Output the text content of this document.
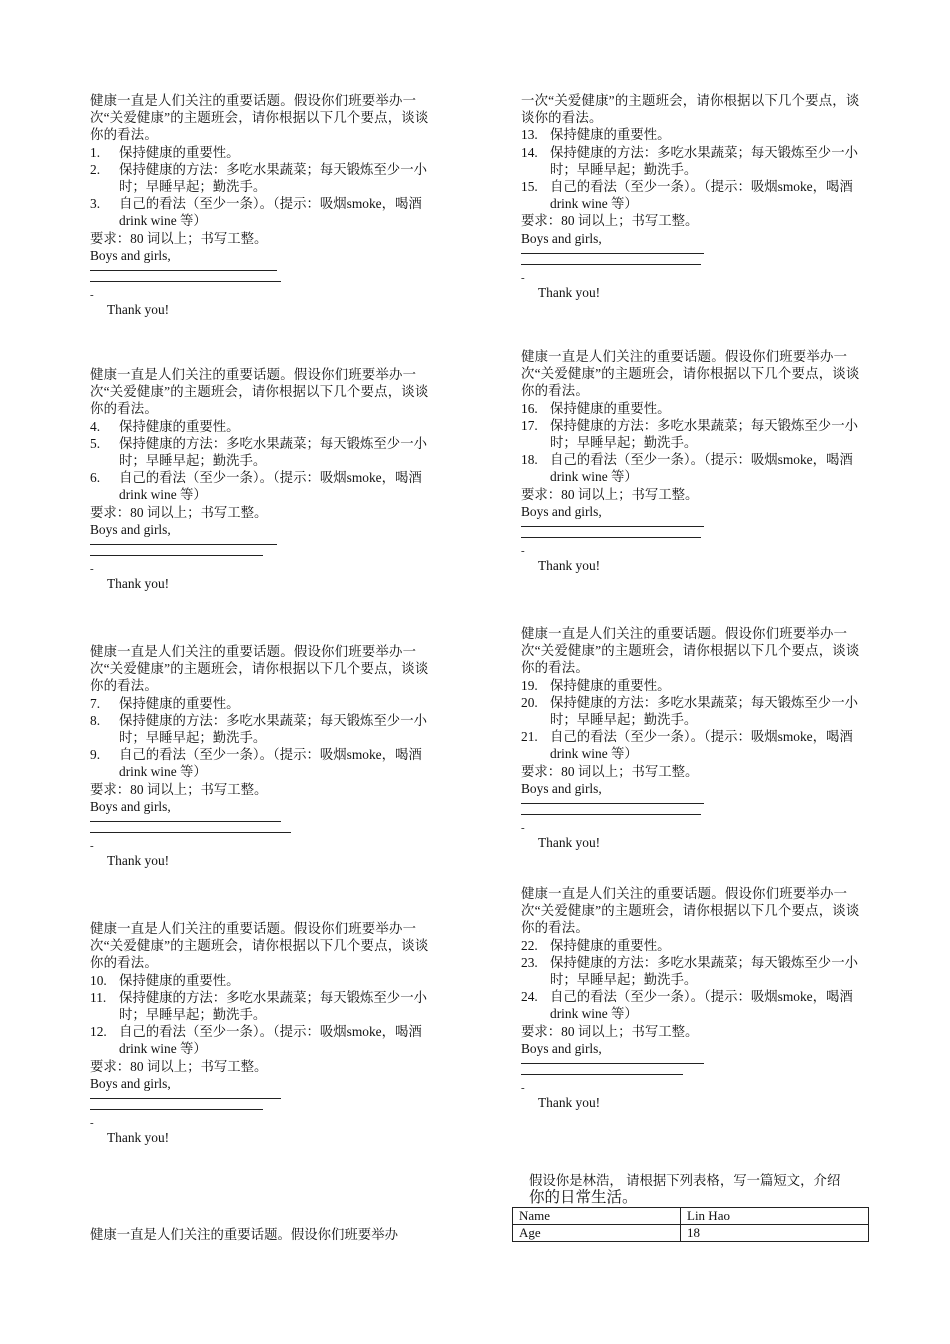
健康一直是人们关注的重要话题。假设你们班要举办一次“关爱健康”的主题班会，请你根据以下几个要点，谈谈你的看法。
1. 保持健康的重要性。
2. 保持健康的方法：多吃水果蔬菜；每天锻炼至少一小时；早睡早起；勤洗手。
3. 自己的看法（至少一条）。（提示：吸烟smoke，喝酒drink wine 等）
要求：80 词以上；书写工整。
Boys and girls,
-
Thank you!
健康一直是人们关注的重要话题。假设你们班要举办一次“关爱健康”的主题班会，请你根据以下几个要点，谈谈你的看法。
4. 保持健康的重要性。
5. 保持健康的方法：多吃水果蔬菜；每天锻炼至少一小时；早睡早起；勤洗手。
6. 自己的看法（至少一条）。（提示：吸烟smoke，喝酒drink wine 等）
要求：80 词以上；书写工整。
Boys and girls,
-
Thank you!
健康一直是人们关注的重要话题。假设你们班要举办一次“关爱健康”的主题班会，请你根据以下几个要点，谈谈你的看法。
7. 保持健康的重要性。
8. 保持健康的方法：多吃水果蔬菜；每天锻炼至少一小时；早睡早起；勤洗手。
9. 自己的看法（至少一条）。（提示：吸烟smoke，喝酒drink wine 等）
要求：80 词以上；书写工整。
Boys and girls,
-
Thank you!
健康一直是人们关注的重要话题。假设你们班要举办一次“关爱健康”的主题班会，请你根据以下几个要点，谈谈你的看法。
10. 保持健康的重要性。
11. 保持健康的方法：多吃水果蔬菜；每天锻炼至少一小时；早睡早起；勤洗手。
12. 自己的看法（至少一条）。（提示：吸烟smoke，喝酒drink wine 等）
要求：80 词以上；书写工整。
Boys and girls,
-
Thank you!
健康一直是人们关注的重要话题。假设你们班要举办
一次“关爱健康”的主题班会，请你根据以下几个要点，谈谈你的看法。
13. 保持健康的重要性。
14. 保持健康的方法：多吃水果蔬菜；每天锻炼至少一小时；早睡早起；勤洗手。
15. 自己的看法（至少一条）。（提示：吸烟smoke，喝酒drink wine 等）
要求：80 词以上；书写工整。
Boys and girls,
-
Thank you!
健康一直是人们关注的重要话题。假设你们班要举办一次“关爱健康”的主题班会，请你根据以下几个要点，谈谈你的看法。
16. 保持健康的重要性。
17. 保持健康的方法：多吃水果蔬菜；每天锻炼至少一小时；早睡早起；勤洗手。
18. 自己的看法（至少一条）。（提示：吸烟smoke，喝酒drink wine 等）
要求：80 词以上；书写工整。
Boys and girls,
-
Thank you!
健康一直是人们关注的重要话题。假设你们班要举办一次“关爱健康”的主题班会，请你根据以下几个要点，谈谈你的看法。
19. 保持健康的重要性。
20. 保持健康的方法：多吃水果蔬菜；每天锻炼至少一小时；早睡早起；勤洗手。
21. 自己的看法（至少一条）。（提示：吸烟smoke，喝酒drink wine 等）
要求：80 词以上；书写工整。
Boys and girls,
-
Thank you!
健康一直是人们关注的重要话题。假设你们班要举办一次“关爱健康”的主题班会，请你根据以下几个要点，谈谈你的看法。
22. 保持健康的重要性。
23. 保持健康的方法：多吃水果蔬菜；每天锻炼至少一小时；早睡早起；勤洗手。
24. 自己的看法（至少一条）。（提示：吸烟smoke，喝酒drink wine 等）
要求：80 词以上；书写工整。
Boys and girls,
-
Thank you!
假设你是林浩， 请根据下列表格，写一篇短文，介绍
你的日常生活。
Name	Lin Hao
Age	18
